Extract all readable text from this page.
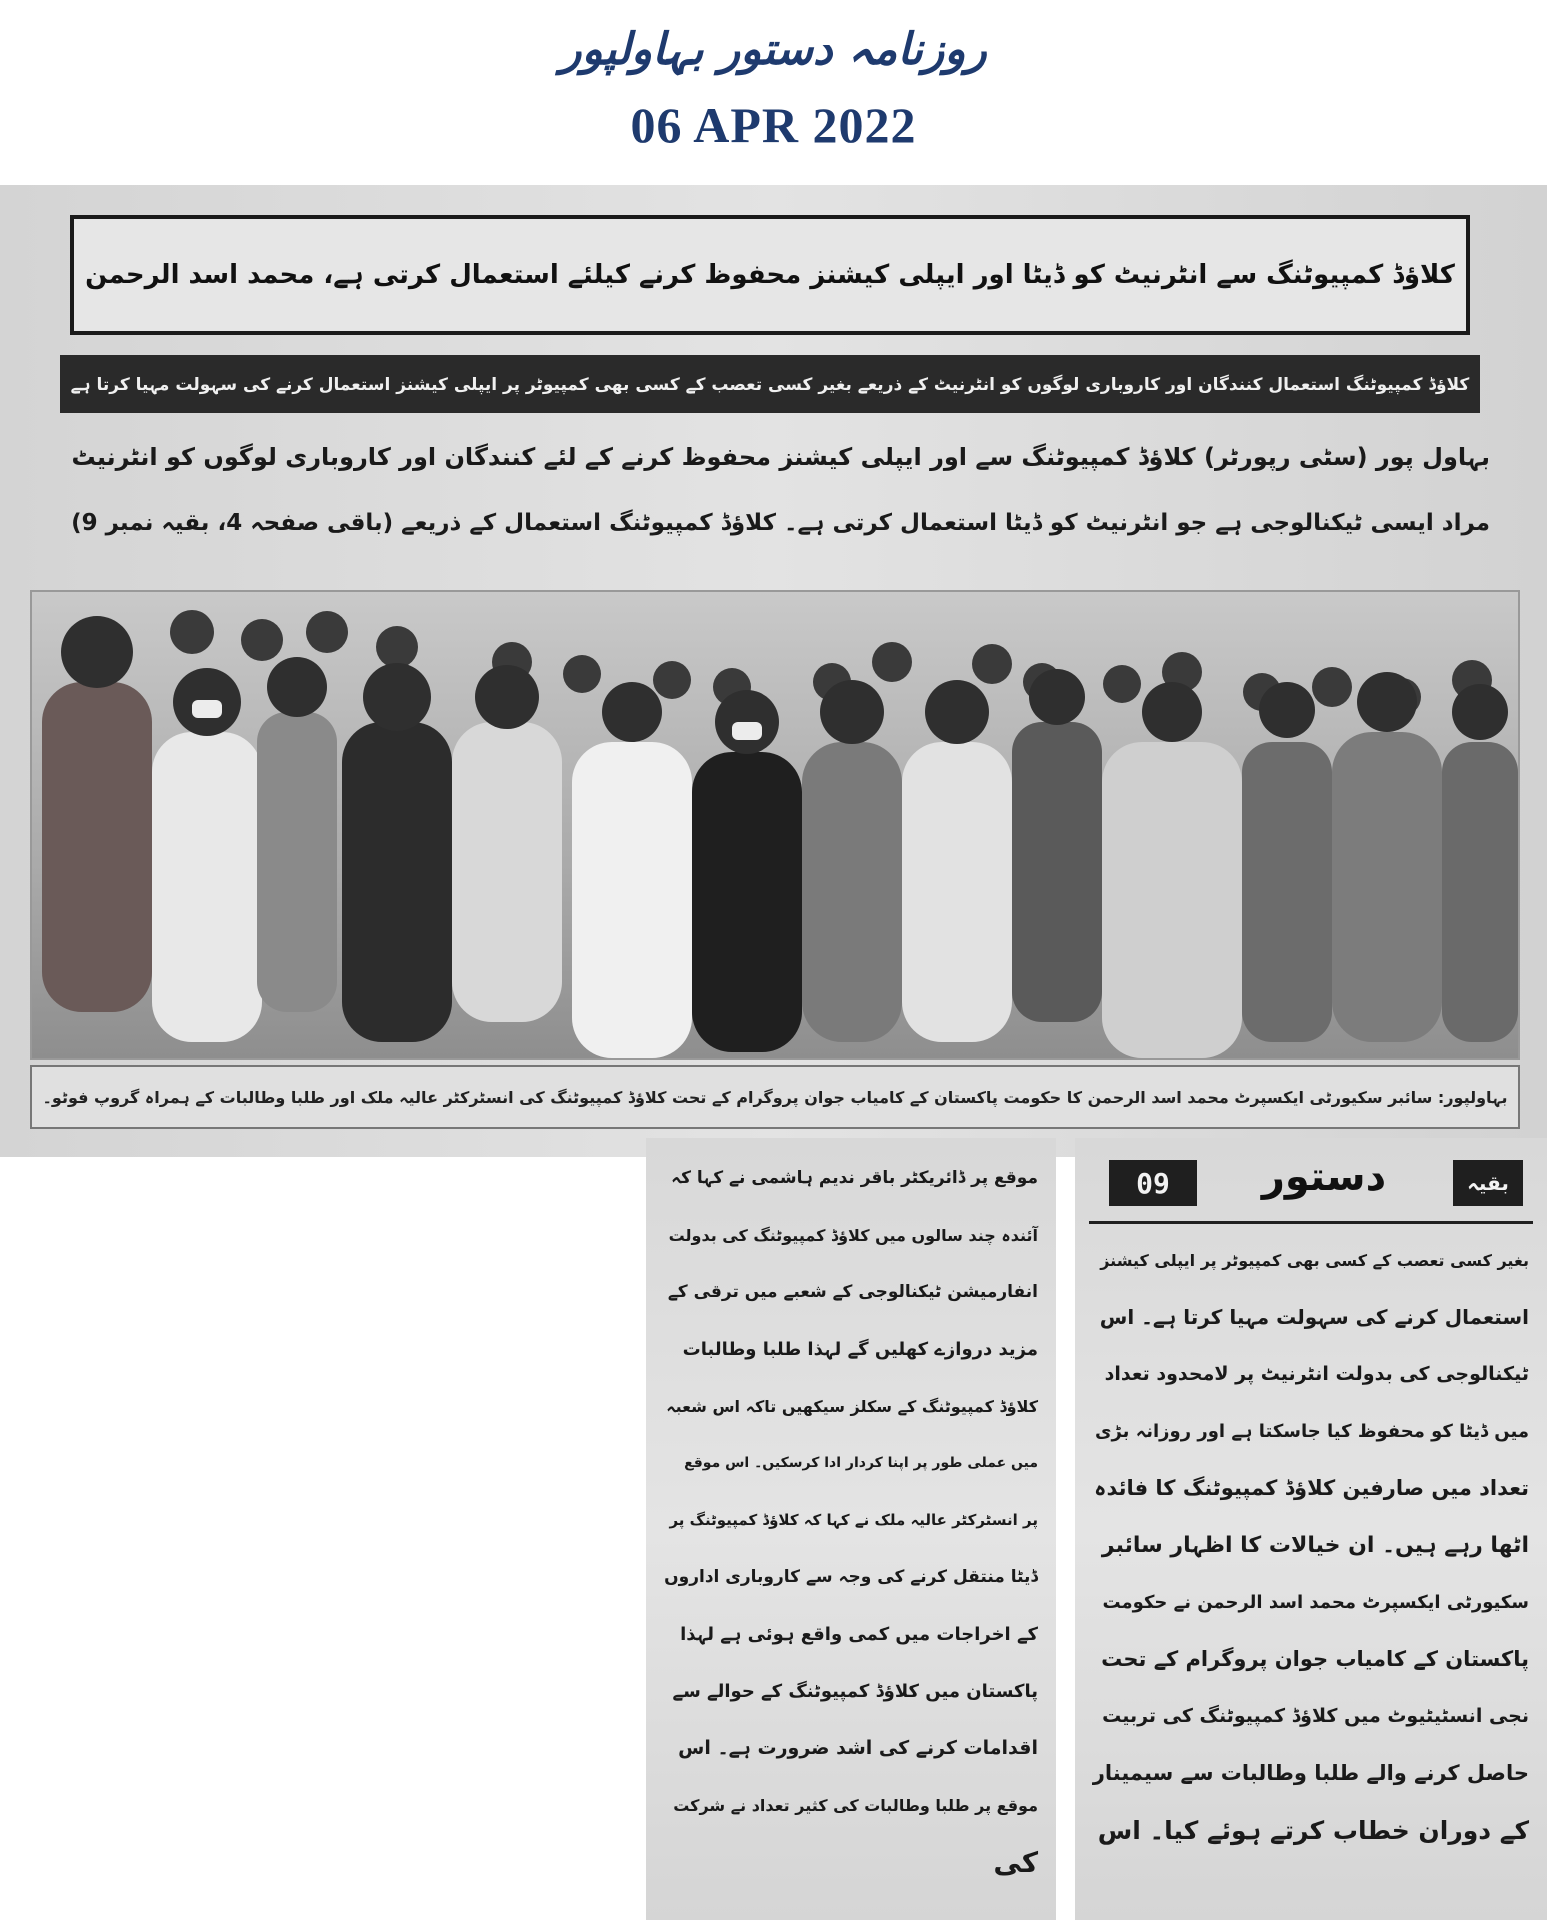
روزنامہ دستور بہاولپور
06 APR 2022
کلاؤڈ کمپیوٹنگ سے انٹرنیٹ کو ڈیٹا اور ایپلی کیشنز محفوظ کرنے کیلئے استعمال کرتی ہے، محمد اسد الرحمن
کلاؤڈ کمپیوٹنگ استعمال کنندگان اور کاروباری لوگوں کو انٹرنیٹ کے ذریعے بغیر کسی تعصب کے کسی بھی کمپیوٹر پر ایپلی کیشنز استعمال کرنے کی سہولت مہیا کرتا ہے
بہاول پور (سٹی رپورٹر) کلاؤڈ کمپیوٹنگ سے اور ایپلی کیشنز محفوظ کرنے کے لئے کنندگان اور کاروباری لوگوں کو انٹرنیٹ
مراد ایسی ٹیکنالوجی ہے جو انٹرنیٹ کو ڈیٹا استعمال کرتی ہے۔ کلاؤڈ کمپیوٹنگ استعمال کے ذریعے (باقی صفحہ 4، بقیہ نمبر 9)
بہاولپور: سائبر سکیورٹی ایکسپرٹ محمد اسد الرحمن کا حکومت پاکستان کے کامیاب جوان پروگرام کے تحت کلاؤڈ کمپیوٹنگ کی انسٹرکٹر عالیہ ملک اور طلبا وطالبات کے ہمراہ گروپ فوٹو۔
موقع پر ڈائریکٹر باقر ندیم ہاشمی نے کہا کہ
آئندہ چند سالوں میں کلاؤڈ کمپیوٹنگ کی بدولت
انفارمیشن ٹیکنالوجی کے شعبے میں ترقی کے
مزید دروازے کھلیں گے لہذا طلبا وطالبات
کلاؤڈ کمپیوٹنگ کے سکلز سیکھیں تاکہ اس شعبہ
میں عملی طور پر اپنا کردار ادا کرسکیں۔ اس موقع
پر انسٹرکٹر عالیہ ملک نے کہا کہ کلاؤڈ کمپیوٹنگ پر
ڈیٹا منتقل کرنے کی وجہ سے کاروباری اداروں
کے اخراجات میں کمی واقع ہوئی ہے لہذا
پاکستان میں کلاؤڈ کمپیوٹنگ کے حوالے سے
اقدامات کرنے کی اشد ضرورت ہے۔ اس
موقع پر طلبا وطالبات کی کثیر تعداد نے شرکت
کی
09	دستور	بقیہ
بغیر کسی تعصب کے کسی بھی کمپیوٹر پر ایپلی کیشنز
استعمال کرنے کی سہولت مہیا کرتا ہے۔ اس
ٹیکنالوجی کی بدولت انٹرنیٹ پر لامحدود تعداد
میں ڈیٹا کو محفوظ کیا جاسکتا ہے اور روزانہ بڑی
تعداد میں صارفین کلاؤڈ کمپیوٹنگ کا فائدہ
اٹھا رہے ہیں۔ ان خیالات کا اظہار سائبر
سکیورٹی ایکسپرٹ محمد اسد الرحمن نے حکومت
پاکستان کے کامیاب جوان پروگرام کے تحت
نجی انسٹیٹیوٹ میں کلاؤڈ کمپیوٹنگ کی تربیت
حاصل کرنے والے طلبا وطالبات سے سیمینار
کے دوران خطاب کرتے ہوئے کیا۔ اس
